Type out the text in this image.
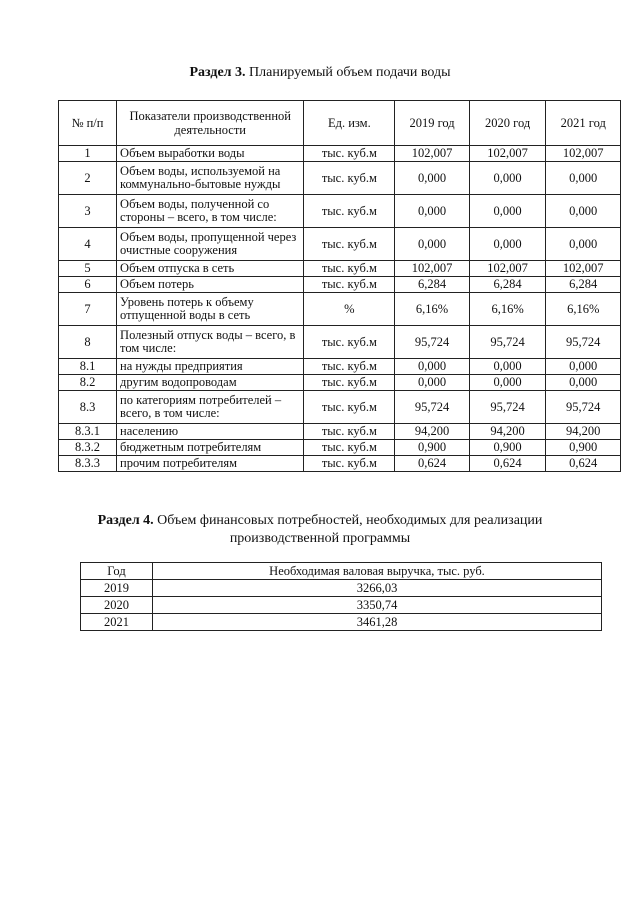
Раздел 3. Планируемый объем подачи воды
№ п/п	Показатели производственной деятельности	Ед. изм.	2019 год	2020 год	2021 год
1	Объем выработки воды	тыс. куб.м	102,007	102,007	102,007
2	Объем воды, используемой на коммунально-бытовые нужды	тыс. куб.м	0,000	0,000	0,000
3	Объем воды, полученной со стороны – всего, в том числе:	тыс. куб.м	0,000	0,000	0,000
4	Объем воды, пропущенной через очистные сооружения	тыс. куб.м	0,000	0,000	0,000
5	Объем отпуска в сеть	тыс. куб.м	102,007	102,007	102,007
6	Объем потерь	тыс. куб.м	6,284	6,284	6,284
7	Уровень потерь к объему отпущенной воды в сеть	%	6,16%	6,16%	6,16%
8	Полезный отпуск воды – всего, в том числе:	тыс. куб.м	95,724	95,724	95,724
8.1	на нужды предприятия	тыс. куб.м	0,000	0,000	0,000
8.2	другим водопроводам	тыс. куб.м	0,000	0,000	0,000
8.3	по категориям потребителей – всего, в том числе:	тыс. куб.м	95,724	95,724	95,724
8.3.1	населению	тыс. куб.м	94,200	94,200	94,200
8.3.2	бюджетным потребителям	тыс. куб.м	0,900	0,900	0,900
8.3.3	прочим потребителям	тыс. куб.м	0,624	0,624	0,624
Раздел 4. Объем финансовых потребностей, необходимых для реализации
производственной программы
Год	Необходимая валовая выручка, тыс. руб.
2019	3266,03
2020	3350,74
2021	3461,28
